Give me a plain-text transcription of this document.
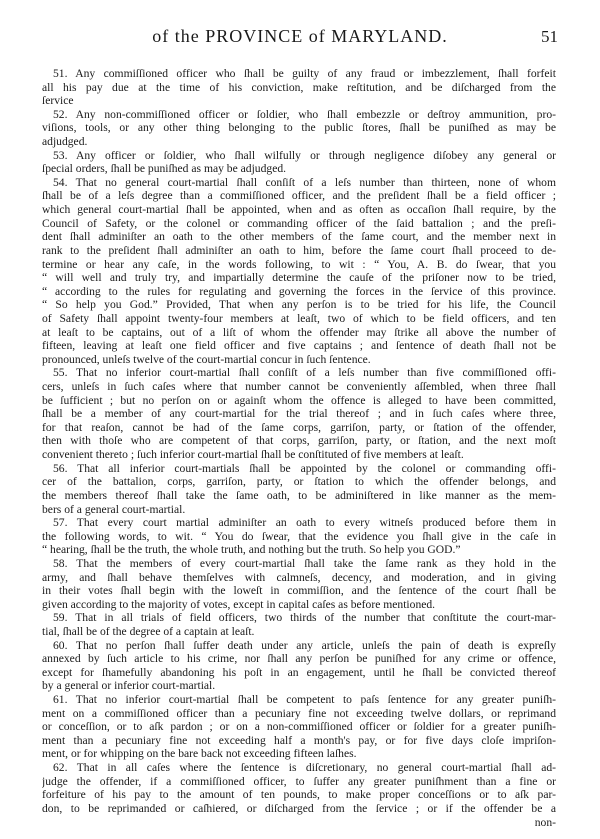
of the PROVINCE of MARYLAND.	51
51. Any commiſſioned officer who ſhall be guilty of any fraud or imbezzlement, ſhall forfeit
all his pay due at the time of his conviction, make reſtitution, and be diſcharged from the
ſervice
52. Any non-commiſſioned officer or ſoldier, who ſhall embezzle or deſtroy ammunition, pro-
viſions, tools, or any other thing belonging to the public ſtores, ſhall be puniſhed as may be
adjudged.
53. Any officer or ſoldier, who ſhall wilfully or through negligence diſobey any general or
ſpecial orders, ſhall be puniſhed as may be adjudged.
54. That no general court-martial ſhall conſiſt of a leſs number than thirteen, none of whom
ſhall be of a leſs degree than a commiſſioned officer, and the preſident ſhall be a field officer ;
which general court-martial ſhall be appointed, when and as often as occaſion ſhall require, by the
Council of Safety, or the colonel or commanding officer of the ſaid battalion ; and the preſi-
dent ſhall adminiſter an oath to the other members of the ſame court, and the member next in
rank to the preſident ſhall adminiſter an oath to him, before the ſame court ſhall proceed to de-
termine or hear any caſe, in the words following, to wit : “ You, A. B. do ſwear, that you
“ will well and truly try, and impartially determine the cauſe of the priſoner now to be tried,
“ according to the rules for regulating and governing the forces in the ſervice of this province.
“ So help you God.” Provided, That when any perſon is to be tried for his life, the Council
of Safety ſhall appoint twenty-four members at leaſt, two of which to be field officers, and ten
at leaſt to be captains, out of a liſt of whom the offender may ſtrike all above the number of
fifteen, leaving at leaſt one field officer and five captains ; and ſentence of death ſhall not be
pronounced, unleſs twelve of the court-martial concur in ſuch ſentence.
55. That no inferior court-martial ſhall conſiſt of a leſs number than five commiſſioned offi-
cers, unleſs in ſuch caſes where that number cannot be conveniently aſſembled, when three ſhall
be ſufficient ; but no perſon on or againſt whom the offence is alleged to have been committed,
ſhall be a member of any court-martial for the trial thereof ; and in ſuch caſes where three,
for that reaſon, cannot be had of the ſame corps, garriſon, party, or ſtation of the offender,
then with thoſe who are competent of that corps, garriſon, party, or ſtation, and the next moſt
convenient thereto ; ſuch inferior court-martial ſhall be conſtituted of five members at leaſt.
56. That all inferior court-martials ſhall be appointed by the colonel or commanding offi-
cer of the battalion, corps, garriſon, party, or ſtation to which the offender belongs, and
the members thereof ſhall take the ſame oath, to be adminiſtered in like manner as the mem-
bers of a general court-martial.
57. That every court martial adminiſter an oath to every witneſs produced before them in
the following words, to wit. “ You do ſwear, that the evidence you ſhall give in the caſe in
“ hearing, ſhall be the truth, the whole truth, and nothing but the truth. So help you GOD.”
58. That the members of every court-martial ſhall take the ſame rank as they hold in the
army, and ſhall behave themſelves with calmneſs, decency, and moderation, and in giving
in their votes ſhall begin with the loweſt in commiſſion, and the ſentence of the court ſhall be
given according to the majority of votes, except in capital caſes as before mentioned.
59. That in all trials of field officers, two thirds of the number that conſtitute the court-mar-
tial, ſhall be of the degree of a captain at leaſt.
60. That no perſon ſhall ſuffer death under any article, unleſs the pain of death is expreſly
annexed by ſuch article to his crime, nor ſhall any perſon be puniſhed for any crime or offence,
except for ſhamefully abandoning his poſt in an engagement, until he ſhall be convicted thereof
by a general or inferior court-martial.
61. That no inferior court-martial ſhall be competent to paſs ſentence for any greater puniſh-
ment on a commiſſioned officer than a pecuniary fine not exceeding twelve dollars, or reprimand
or conceſſion, or to aſk pardon ; or on a non-commiſſioned officer or ſoldier for a greater puniſh-
ment than a pecuniary fine not exceeding half a month's pay, or for five days cloſe impriſon-
ment, or for whipping on the bare back not exceeding fifteen laſhes.
62. That in all caſes where the ſentence is diſcretionary, no general court-martial ſhall ad-
judge the offender, if a commiſſioned officer, to ſuffer any greater puniſhment than a fine or
forfeiture of his pay to the amount of ten pounds, to make proper conceſſions or to aſk par-
don, to be reprimanded or caſhiered, or diſcharged from the ſervice ; or if the offender be a
non-
